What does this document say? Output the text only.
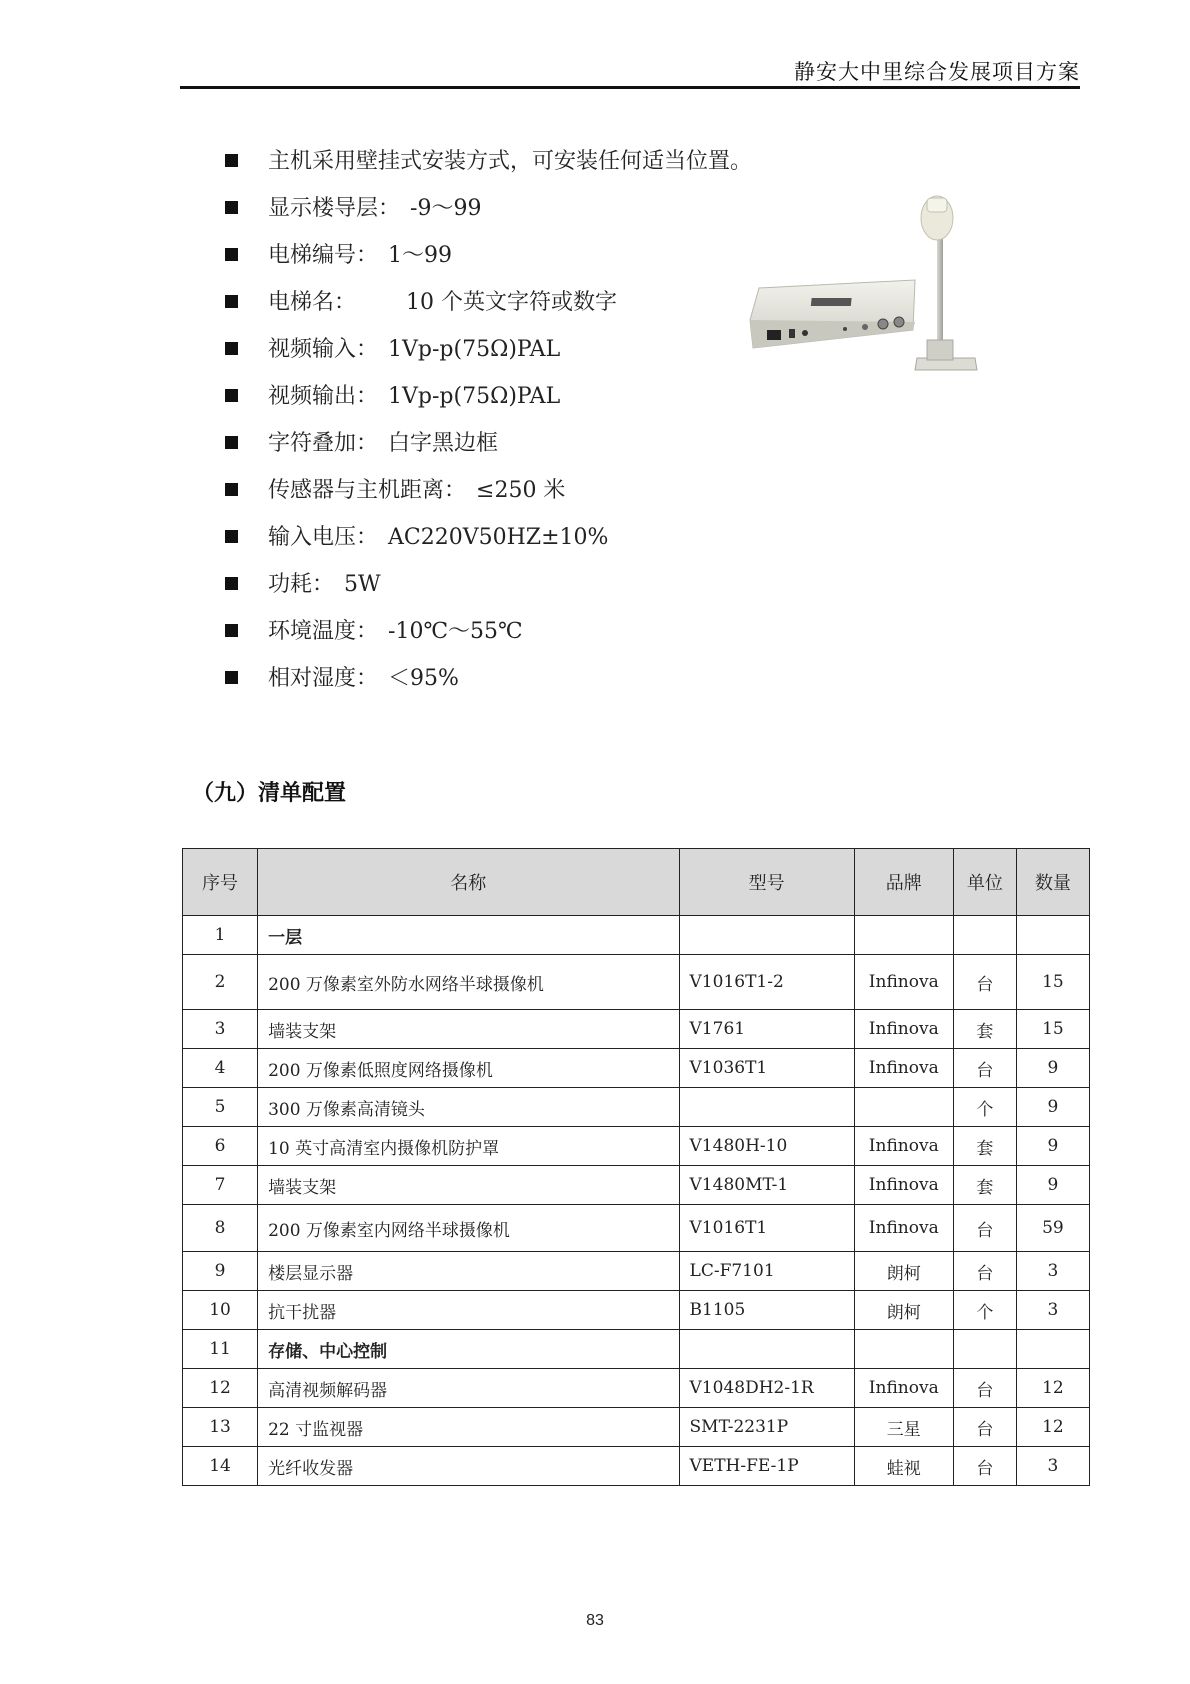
静安大中里综合发展项目方案
主机采用壁挂式安装方式，可安装任何适当位置。
显示楼导层： -9～99
电梯编号： 1～99
电梯名： 10 个英文字符或数字
视频输入： 1Vp-p(75Ω)PAL
视频输出： 1Vp-p(75Ω)PAL
字符叠加： 白字黑边框
传感器与主机距离： ≤250 米
输入电压： AC220V50HZ±10%
功耗： 5W
环境温度： -10℃～55℃
相对湿度： ＜95%
（九）清单配置
序号	名称	型号	品牌	单位	数量
1	一层				
2	200 万像素室外防水网络半球摄像机	V1016T1-2	Infinova	台	15
3	墙装支架	V1761	Infinova	套	15
4	200 万像素低照度网络摄像机	V1036T1	Infinova	台	9
5	300 万像素高清镜头			个	9
6	10 英寸高清室内摄像机防护罩	V1480H-10	Infinova	套	9
7	墙装支架	V1480MT-1	Infinova	套	9
8	200 万像素室内网络半球摄像机	V1016T1	Infinova	台	59
9	楼层显示器	LC-F7101	朗柯	台	3
10	抗干扰器	B1105	朗柯	个	3
11	存储、中心控制				
12	高清视频解码器	V1048DH2-1R	Infinova	台	12
13	22 寸监视器	SMT-2231P	三星	台	12
14	光纤收发器	VETH-FE-1P	蛙视	台	3
83
